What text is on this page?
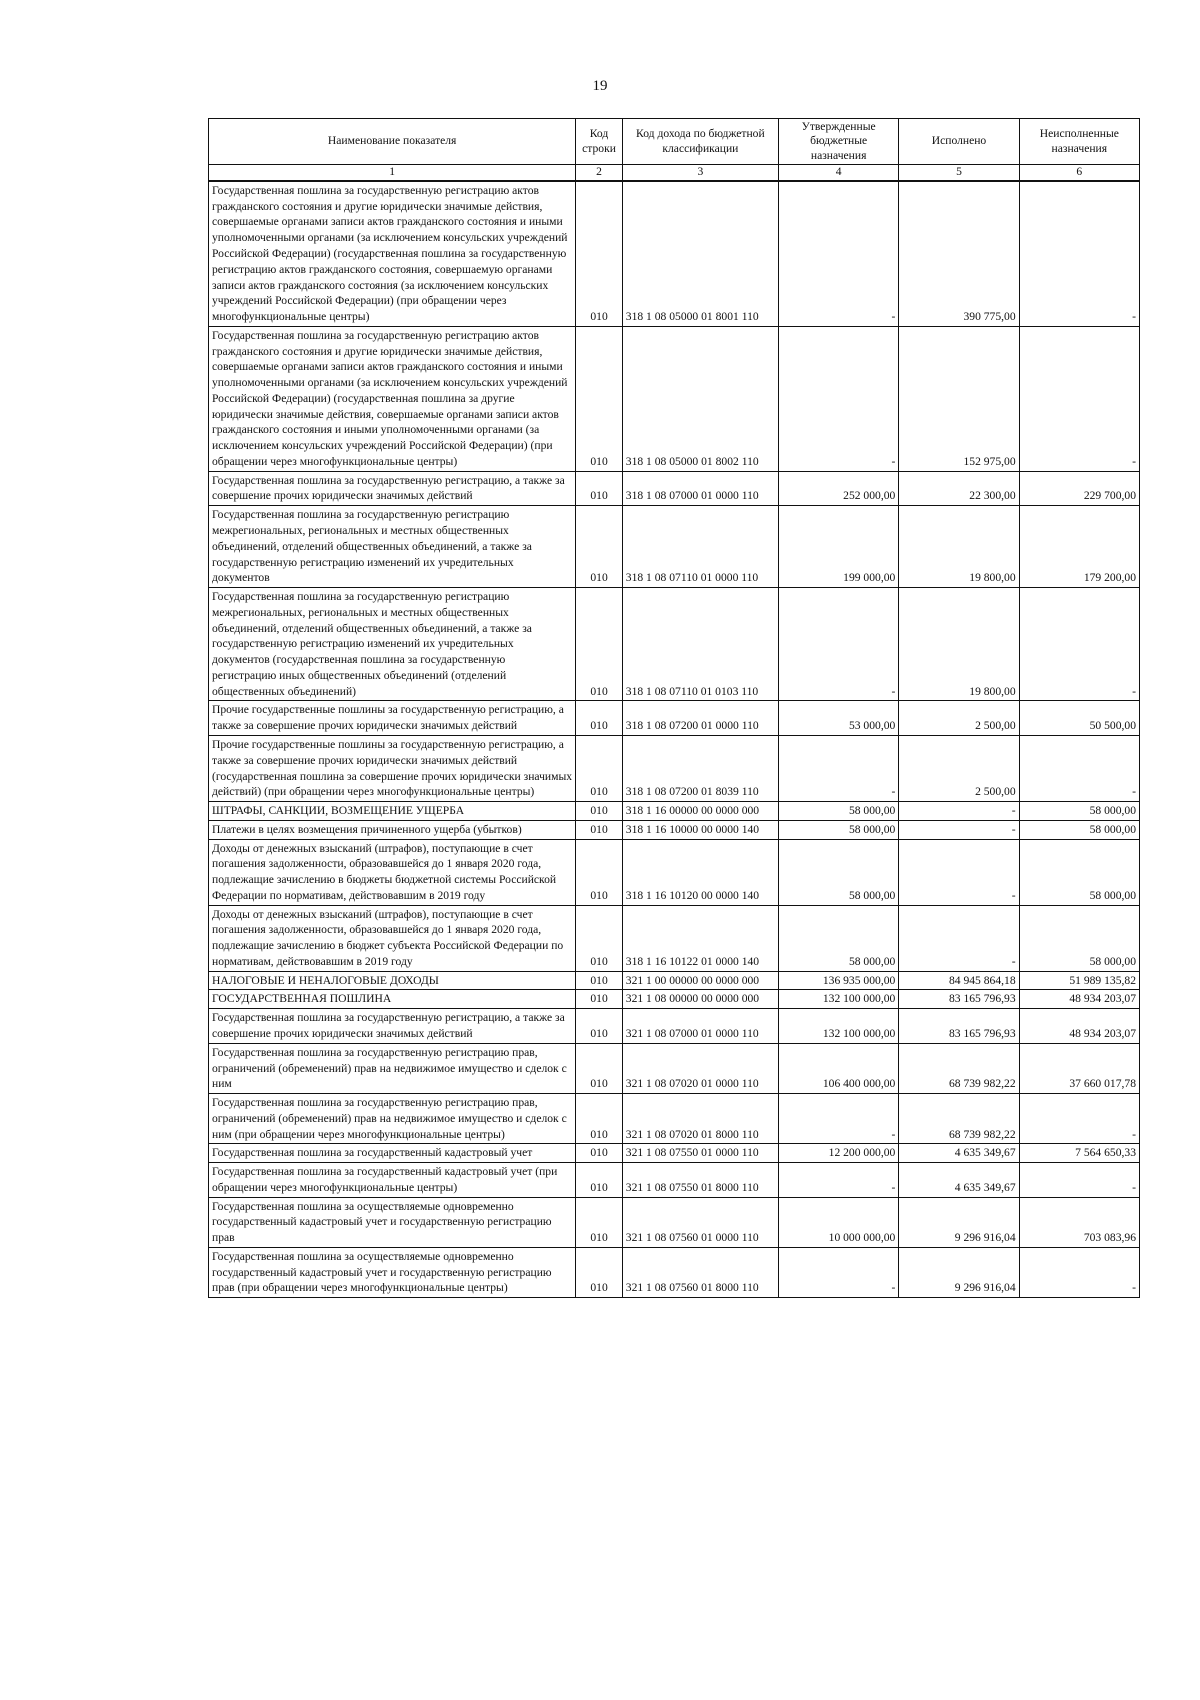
19
Наименование показателя	Код строки	Код дохода по бюджетной классификации	Утвержденные бюджетные назначения	Исполнено	Неисполненные назначения
1	2	3	4	5	6
Государственная пошлина за государственную регистрацию актов гражданского состояния и другие юридически значимые действия, совершаемые органами записи актов гражданского состояния и иными уполномоченными органами (за исключением консульских учреждений Российской Федерации) (государственная пошлина за государственную регистрацию актов гражданского состояния, совершаемую органами записи актов гражданского состояния (за исключением консульских учреждений Российской Федерации) (при обращении через многофункциональные центры)	010	318 1 08 05000 01 8001 110	-	390 775,00	-
Государственная пошлина за государственную регистрацию актов гражданского состояния и другие юридически значимые действия, совершаемые органами записи актов гражданского состояния и иными уполномоченными органами (за исключением консульских учреждений Российской Федерации) (государственная пошлина за другие юридически значимые действия, совершаемые органами записи актов гражданского состояния и иными уполномоченными органами (за исключением консульских учреждений Российской Федерации) (при обращении через многофункциональные центры)	010	318 1 08 05000 01 8002 110	-	152 975,00	-
Государственная пошлина за государственную регистрацию, а также за совершение прочих юридически значимых действий	010	318 1 08 07000 01 0000 110	252 000,00	22 300,00	229 700,00
Государственная пошлина за государственную регистрацию межрегиональных, региональных и местных общественных объединений, отделений общественных объединений, а также за государственную регистрацию изменений их учредительных документов	010	318 1 08 07110 01 0000 110	199 000,00	19 800,00	179 200,00
Государственная пошлина за государственную регистрацию межрегиональных, региональных и местных общественных объединений, отделений общественных объединений, а также за государственную регистрацию изменений их учредительных документов (государственная пошлина за государственную регистрацию иных общественных объединений (отделений общественных объединений)	010	318 1 08 07110 01 0103 110	-	19 800,00	-
Прочие государственные пошлины за государственную регистрацию, а также за совершение прочих юридически значимых действий	010	318 1 08 07200 01 0000 110	53 000,00	2 500,00	50 500,00
Прочие государственные пошлины за государственную регистрацию, а также за совершение прочих юридически значимых действий (государственная пошлина за совершение прочих юридически значимых действий) (при обращении через многофункциональные центры)	010	318 1 08 07200 01 8039 110	-	2 500,00	-
ШТРАФЫ, САНКЦИИ, ВОЗМЕЩЕНИЕ УЩЕРБА	010	318 1 16 00000 00 0000 000	58 000,00	-	58 000,00
Платежи в целях возмещения причиненного ущерба (убытков)	010	318 1 16 10000 00 0000 140	58 000,00	-	58 000,00
Доходы от денежных взысканий (штрафов), поступающие в счет погашения задолженности, образовавшейся до 1 января 2020 года, подлежащие зачислению в бюджеты бюджетной системы Российской Федерации по нормативам, действовавшим в 2019 году	010	318 1 16 10120 00 0000 140	58 000,00	-	58 000,00
Доходы от денежных взысканий (штрафов), поступающие в счет погашения задолженности, образовавшейся до 1 января 2020 года, подлежащие зачислению в бюджет субъекта Российской Федерации по нормативам, действовавшим в 2019 году	010	318 1 16 10122 01 0000 140	58 000,00	-	58 000,00
НАЛОГОВЫЕ И НЕНАЛОГОВЫЕ ДОХОДЫ	010	321 1 00 00000 00 0000 000	136 935 000,00	84 945 864,18	51 989 135,82
ГОСУДАРСТВЕННАЯ ПОШЛИНА	010	321 1 08 00000 00 0000 000	132 100 000,00	83 165 796,93	48 934 203,07
Государственная пошлина за государственную регистрацию, а также за совершение прочих юридически значимых действий	010	321 1 08 07000 01 0000 110	132 100 000,00	83 165 796,93	48 934 203,07
Государственная пошлина за государственную регистрацию прав, ограничений (обременений) прав на недвижимое имущество и сделок с ним	010	321 1 08 07020 01 0000 110	106 400 000,00	68 739 982,22	37 660 017,78
Государственная пошлина за государственную регистрацию прав, ограничений (обременений) прав на недвижимое имущество и сделок с ним (при обращении через многофункциональные центры)	010	321 1 08 07020 01 8000 110	-	68 739 982,22	-
Государственная пошлина за государственный кадастровый учет	010	321 1 08 07550 01 0000 110	12 200 000,00	4 635 349,67	7 564 650,33
Государственная пошлина за государственный кадастровый учет (при обращении через многофункциональные центры)	010	321 1 08 07550 01 8000 110	-	4 635 349,67	-
Государственная пошлина за осуществляемые одновременно государственный кадастровый учет и государственную регистрацию прав	010	321 1 08 07560 01 0000 110	10 000 000,00	9 296 916,04	703 083,96
Государственная пошлина за осуществляемые одновременно государственный кадастровый учет и государственную регистрацию прав (при обращении через многофункциональные центры)	010	321 1 08 07560 01 8000 110	-	9 296 916,04	-
